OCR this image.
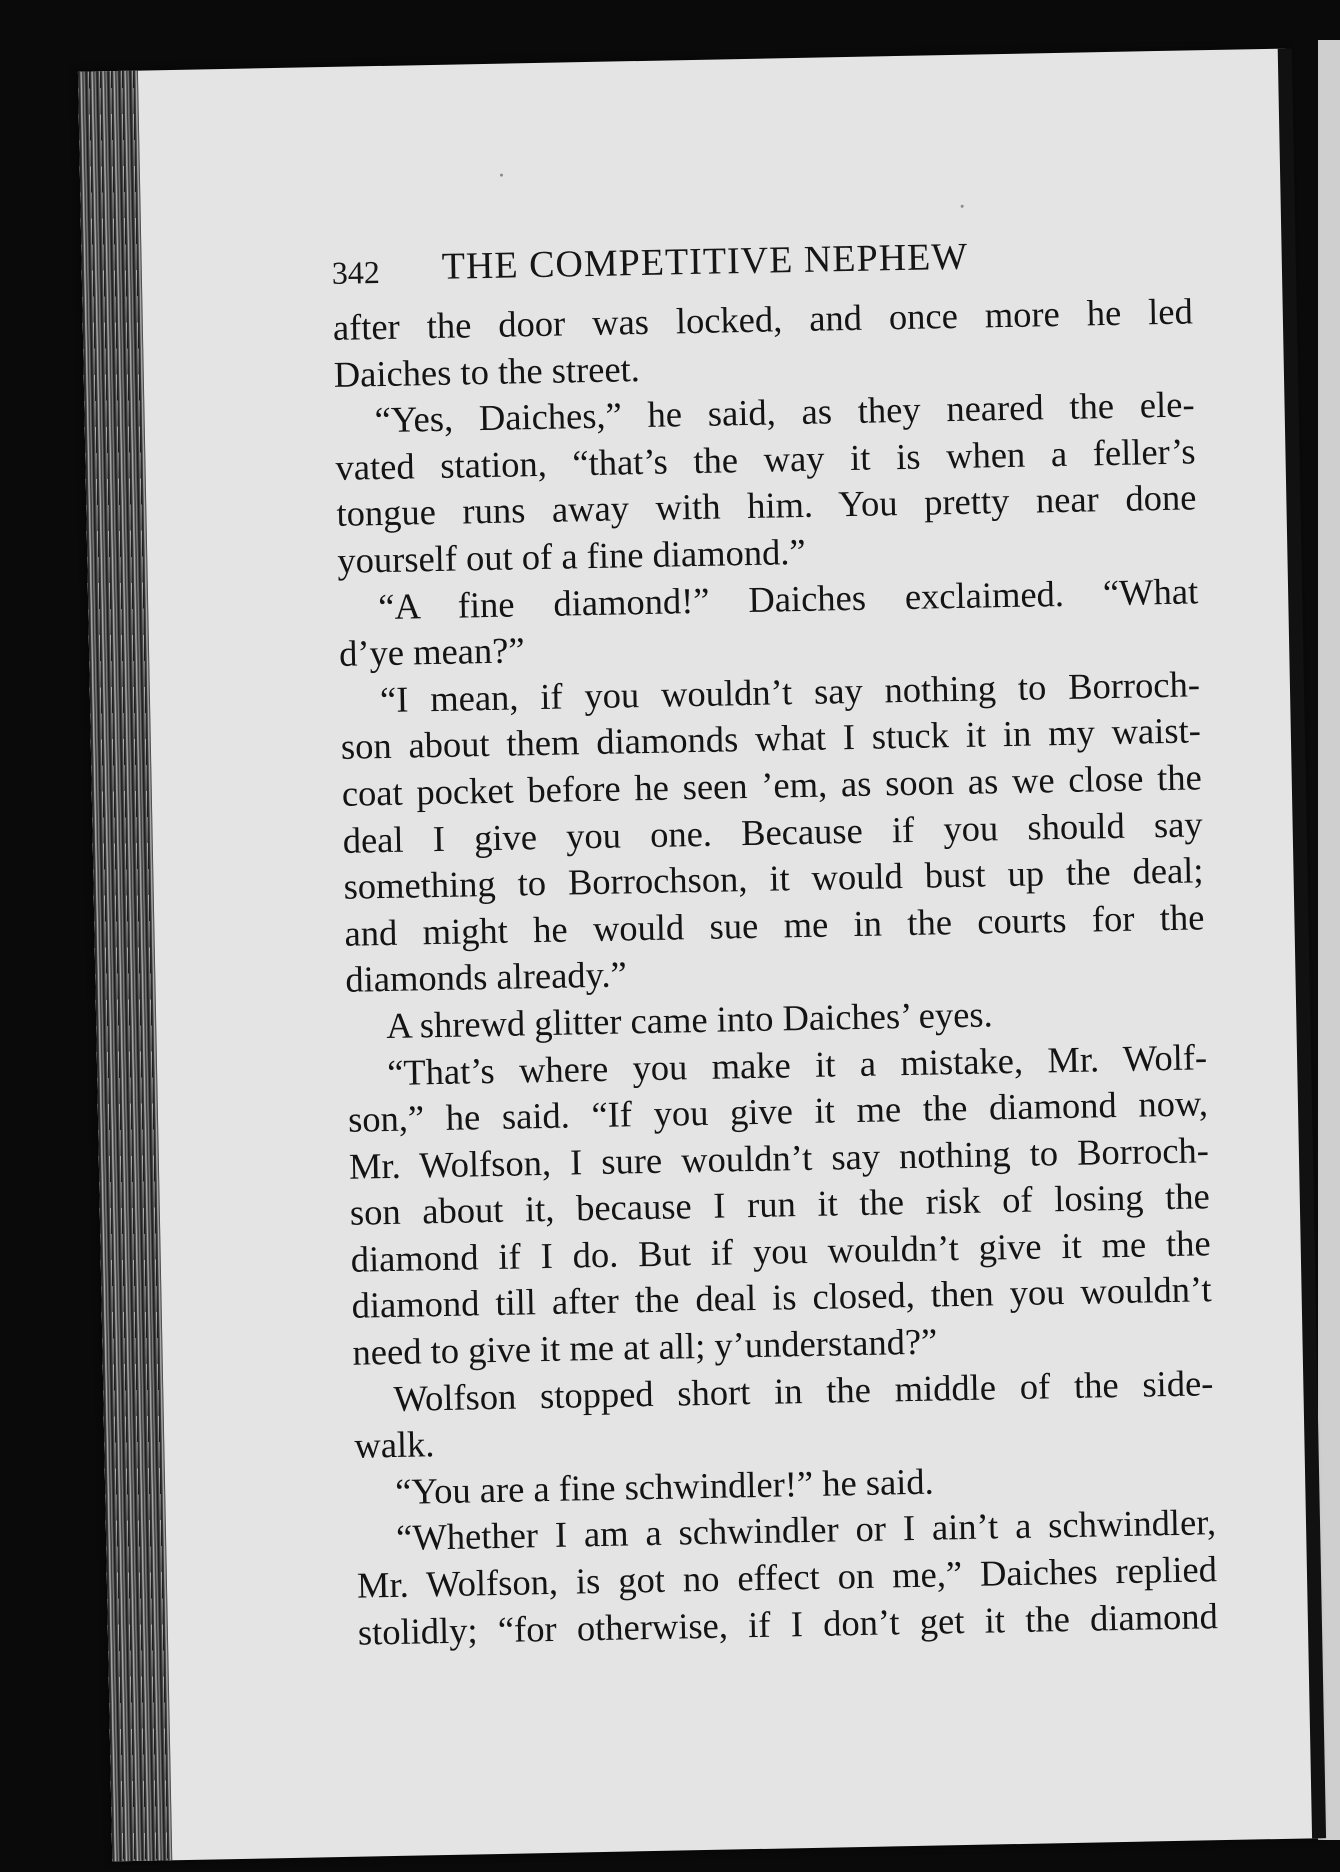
342 THE COMPETITIVE NEPHEW
after the door was locked, and once more he led
Daiches to the street.
“Yes, Daiches,” he said, as they neared the ele-
vated station, “that’s the way it is when a feller’s
tongue runs away with him. You pretty near done
yourself out of a fine diamond.”
“A fine diamond!” Daiches exclaimed. “What
d’ye mean?”
“I mean, if you wouldn’t say nothing to Borroch-
son about them diamonds what I stuck it in my waist-
coat pocket before he seen ’em, as soon as we close the
deal I give you one. Because if you should say
something to Borrochson, it would bust up the deal;
and might he would sue me in the courts for the
diamonds already.”
A shrewd glitter came into Daiches’ eyes.
“That’s where you make it a mistake, Mr. Wolf-
son,” he said. “If you give it me the diamond now,
Mr. Wolfson, I sure wouldn’t say nothing to Borroch-
son about it, because I run it the risk of losing the
diamond if I do. But if you wouldn’t give it me the
diamond till after the deal is closed, then you wouldn’t
need to give it me at all; y’understand?”
Wolfson stopped short in the middle of the side-
walk.
“You are a fine schwindler!” he said.
“Whether I am a schwindler or I ain’t a schwindler,
Mr. Wolfson, is got no effect on me,” Daiches replied
stolidly; “for otherwise, if I don’t get it the diamond
